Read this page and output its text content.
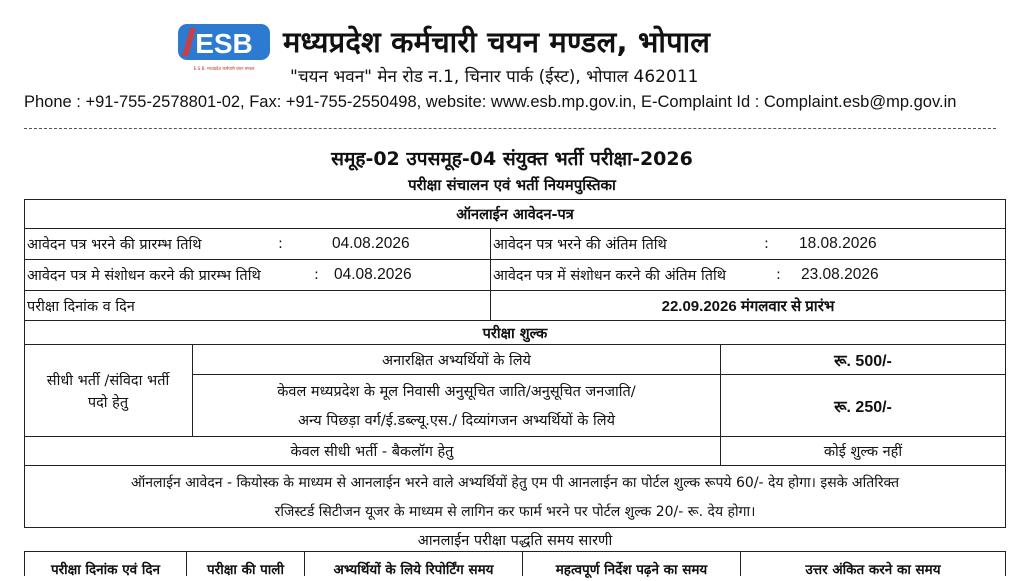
ESB
E.S.B. मध्यप्रदेश कर्मचारी चयन मण्डल
मध्यप्रदेश कर्मचारी चयन मण्डल, भोपाल
"चयन भवन" मेन रोड न.1, चिनार पार्क (ईस्ट), भोपाल 462011
Phone : +91-755-2578801-02, Fax: +91-755-2550498, website: www.esb.mp.gov.in, E-Complaint Id : Complaint.esb@mp.gov.in
समूह-02 उपसमूह-04 संयुक्त भर्ती परीक्षा-2026
परीक्षा संचालन एवं भर्ती नियमपुस्तिका
ऑनलाईन आवेदन-पत्र
आवेदन पत्र भरने की प्रारम्भ तिथि	:	04.08.2026	आवेदन पत्र भरने की अंतिम तिथि	:	18.08.2026
आवेदन पत्र मे संशोधन करने की प्रारम्भ तिथि	: 04.08.2026	आवेदन पत्र में संशोधन करने की अंतिम तिथि	:	23.08.2026
परीक्षा दिनांक व दिन	22.09.2026 मंगलवार से प्रारंभ
परीक्षा शुल्क
सीधी भर्ती /संविदा भर्ती
पदो हेतु
अनारक्षित अभ्यर्थियों के लिये	रू. 500/-
केवल मध्यप्रदेश के मूल निवासी अनुसूचित जाति/अनुसूचित जनजाति/
अन्य पिछड़ा वर्ग/ई.डब्ल्यू.एस./ दिव्यांगजन अभ्यर्थियों के लिये
रू. 250/-
केवल सीधी भर्ती - बैकलॉग हेतु	कोई शुल्क नहीं
ऑनलाईन आवेदन - कियोस्क के माध्यम से आनलाईन भरने वाले अभ्यर्थियों हेतु एम पी आनलाईन का पोर्टल शुल्क रूपये 60/- देय होगा। इसके अतिरिक्त
रजिस्टर्ड सिटीजन यूजर के माध्यम से लागिन कर फार्म भरने पर पोर्टल शुल्क 20/- रू. देय होगा।
आनलाईन परीक्षा पद्धति समय सारणी
परीक्षा दिनांक एवं दिन	परीक्षा की पाली	अभ्यर्थियों के लिये रिपोर्टिंग समय	महत्वपूर्ण निर्देश पढ़ने का समय	उत्तर अंकित करने का समय
